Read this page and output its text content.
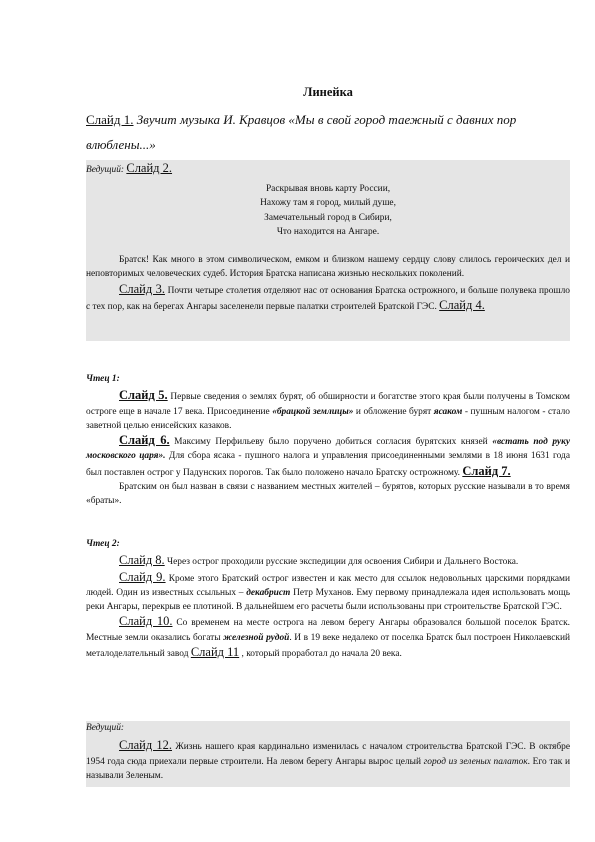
Линейка
Слайд 1. Звучит музыка И. Кравцов «Мы в свой город таежный с давних пор влюблены...»

Ведущий: Слайд 2.

Раскрывая вновь карту России,

Нахожу там я город, милый душе,

Замечательный город в Сибири,

Что находится на Ангаре.

Братск! Как много в этом символическом, емком и близком нашему сердцу слову слилось героических дел и неповторимых человеческих судеб. История Братска написана жизнью нескольких поколений.

Слайд 3. Почти четыре столетия отделяют нас от основания Братска острожного, и больше полувека прошло с тех пор, как на берегах Ангары заселенели первые палатки строителей Братской ГЭС. Слайд 4.

Чтец 1:

Слайд 5. Первые сведения о землях бурят, об обширности и богатстве этого края были получены в Томском остроге еще в начале 17 века. Присоединение «брацкой землицы» и обложение бурят ясаком - пушным налогом - стало заветной целью енисейских казаков.

Слайд 6. Максиму Перфильеву было поручено добиться согласия бурятских князей «встать под руку московского царя». Для сбора ясака - пушного налога и управления присоединенными землями в 18 июня 1631 года был поставлен острог у Падунских порогов. Так было положено начало Братску острожному. Слайд 7.

Братским он был назван в связи с названием местных жителей – бурятов, которых русские называли в то время «браты».

Чтец 2:

Слайд 8. Через острог проходили русские экспедиции для освоения Сибири и Дальнего Востока.

Слайд 9. Кроме этого Братский острог известен и как место для ссылок недовольных царскими порядками людей. Один из известных ссыльных – декабрист Петр Муханов. Ему первому принадлежала идея использовать мощь реки Ангары, перекрыв ее плотиной. В дальнейшем его расчеты были использованы при строительстве Братской ГЭС.

Слайд 10. Со временем на месте острога на левом берегу Ангары образовался большой поселок Братск. Местные земли оказались богаты железной рудой. И в 19 веке недалеко от поселка Братск был построен Николаевский металоделательный завод Слайд 11 , который проработал до начала 20 века.

Ведущий:

Слайд 12. Жизнь нашего края кардинально изменилась с началом строительства Братской ГЭС. В октябре 1954 года сюда приехали первые строители. На левом берегу Ангары вырос целый город из зеленых палаток. Его так и называли Зеленым.
